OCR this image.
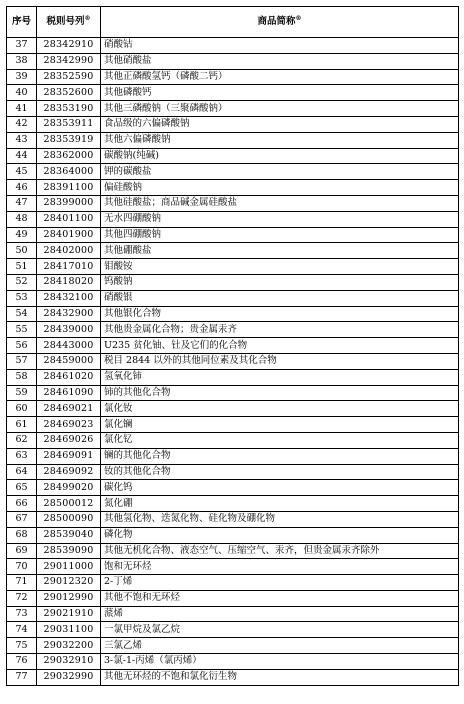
序号	税则号列®	商品简称®
37	28342910	硝酸钴
38	28342990	其他硝酸盐
39	28352590	其他正磷酸氢钙（磷酸二钙）
40	28352600	其他磷酸钙
41	28353190	其他三磷酸钠（三聚磷酸钠）
42	28353911	食品级的六偏磷酸钠
43	28353919	其他六偏磷酸钠
44	28362000	碳酸钠(纯碱)
45	28364000	钾的碳酸盐
46	28391100	偏硅酸钠
47	28399000	其他硅酸盐；商品碱金属硅酸盐
48	28401100	无水四硼酸钠
49	28401900	其他四硼酸钠
50	28402000	其他硼酸盐
51	28417010	钼酸铵
52	28418020	钨酸钠
53	28432100	硝酸银
54	28432900	其他银化合物
55	28439000	其他贵金属化合物；贵金属汞齐
56	28443000	U235 贫化铀、钍及它们的化合物
57	28459000	税目 2844 以外的其他同位素及其化合物
58	28461020	氢氧化铈
59	28461090	铈的其他化合物
60	28469021	氯化钕
61	28469023	氯化镧
62	28469026	氯化钇
63	28469091	镧的其他化合物
64	28469092	钕的其他化合物
65	28499020	碳化钨
66	28500012	氮化硼
67	28500090	其他氢化物、迭氮化物、硅化物及硼化物
68	28539040	磷化物
69	28539090	其他无机化合物、液态空气、压缩空气、汞齐，但贵金属汞齐除外
70	29011000	饱和无环烃
71	29012320	2-丁烯
72	29012990	其他不饱和无环烃
73	29021910	蒎烯
74	29031100	一氯甲烷及氯乙烷
75	29032200	三氯乙烯
76	29032910	3-氯-1-丙烯（氯丙烯）
77	29032990	其他无环烃的不饱和氯化衍生物
